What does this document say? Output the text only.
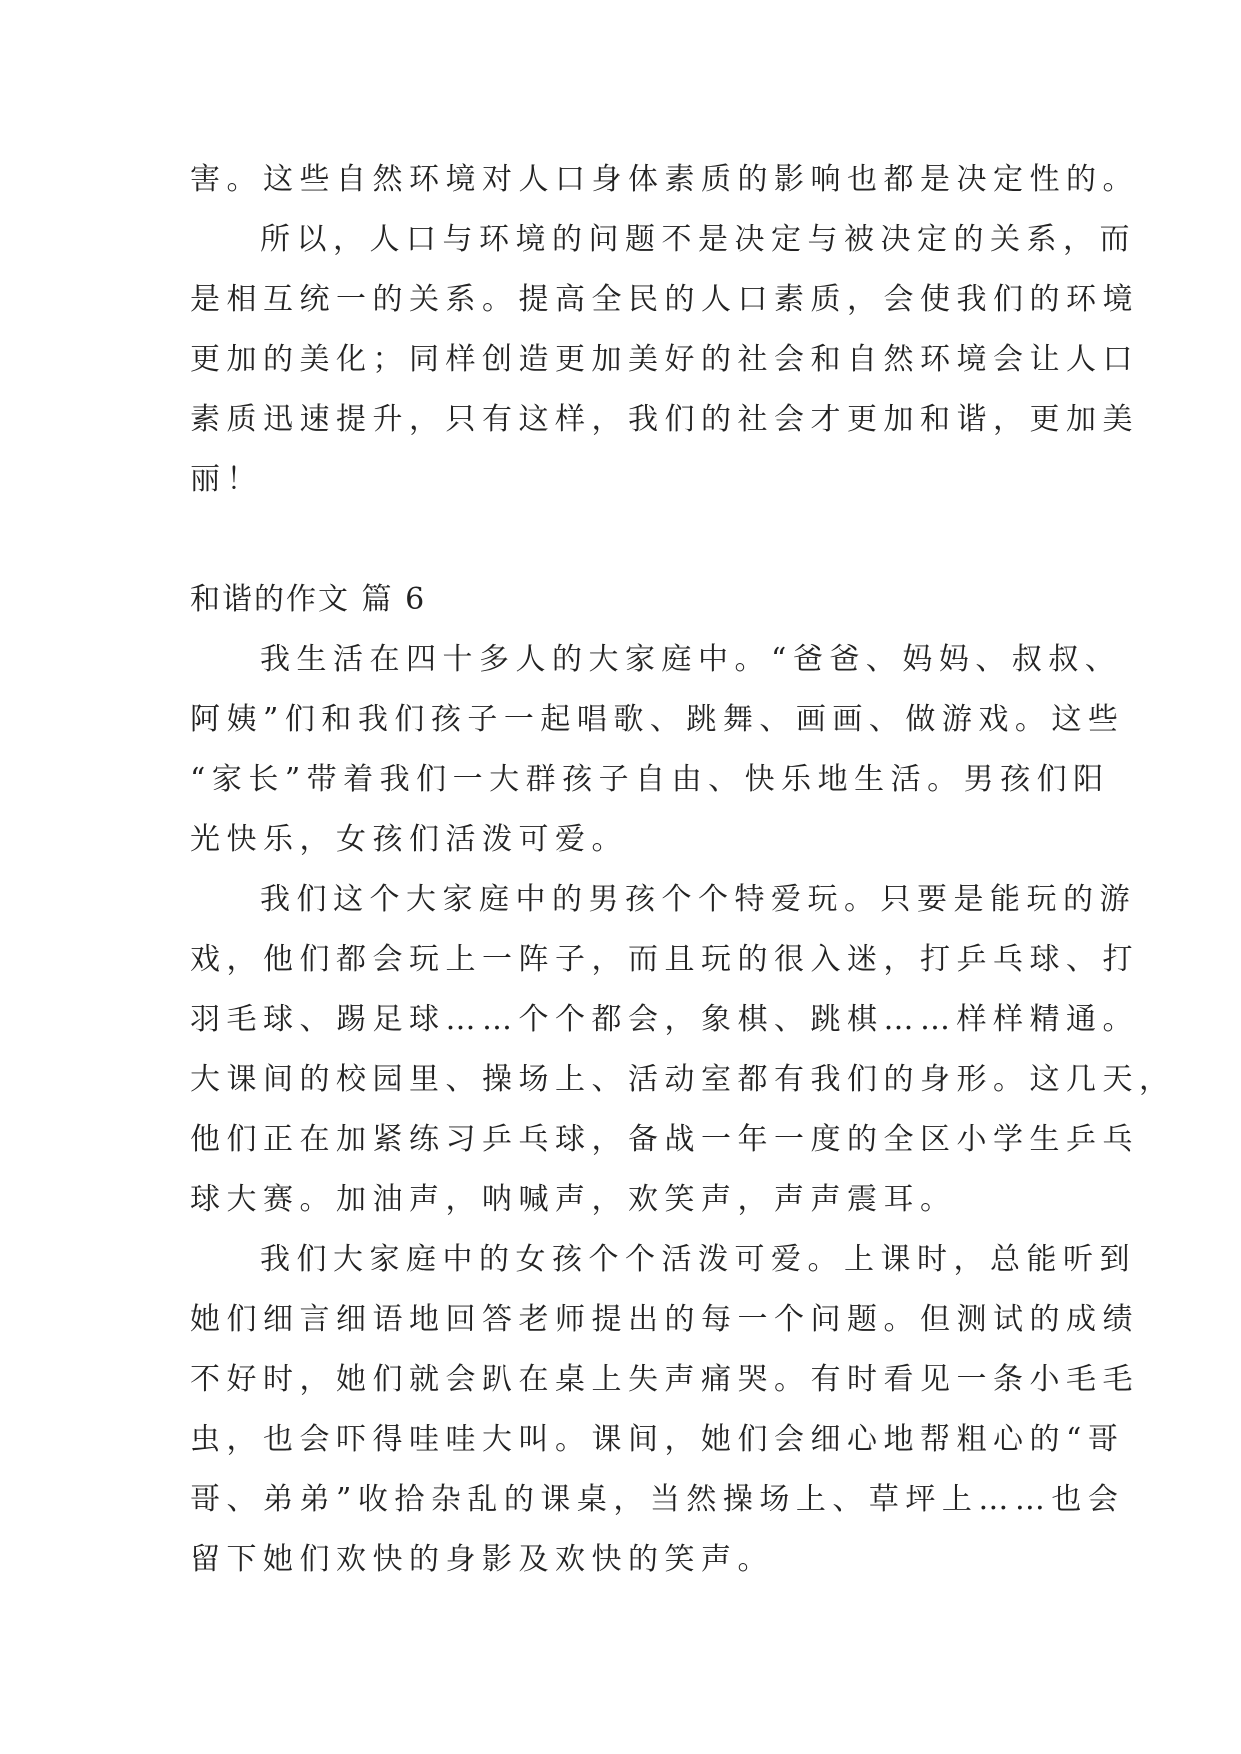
害。这些自然环境对人口身体素质的影响也都是决定性的。
所以，人口与环境的问题不是决定与被决定的关系，而
是相互统一的关系。提高全民的人口素质，会使我们的环境
更加的美化；同样创造更加美好的社会和自然环境会让人口
素质迅速提升，只有这样，我们的社会才更加和谐，更加美
丽！
和谐的作文 篇 6
我生活在四十多人的大家庭中。“爸爸、妈妈、叔叔、
阿姨”们和我们孩子一起唱歌、跳舞、画画、做游戏。这些
“家长”带着我们一大群孩子自由、快乐地生活。男孩们阳
光快乐，女孩们活泼可爱。
我们这个大家庭中的男孩个个特爱玩。只要是能玩的游
戏，他们都会玩上一阵子，而且玩的很入迷，打乒乓球、打
羽毛球、踢足球……个个都会，象棋、跳棋……样样精通。
大课间的校园里、操场上、活动室都有我们的身形。这几天，
他们正在加紧练习乒乓球，备战一年一度的全区小学生乒乓
球大赛。加油声，呐喊声，欢笑声，声声震耳。
我们大家庭中的女孩个个活泼可爱。上课时，总能听到
她们细言细语地回答老师提出的每一个问题。但测试的成绩
不好时，她们就会趴在桌上失声痛哭。有时看见一条小毛毛
虫，也会吓得哇哇大叫。课间，她们会细心地帮粗心的“哥
哥、弟弟”收拾杂乱的课桌，当然操场上、草坪上……也会
留下她们欢快的身影及欢快的笑声。
